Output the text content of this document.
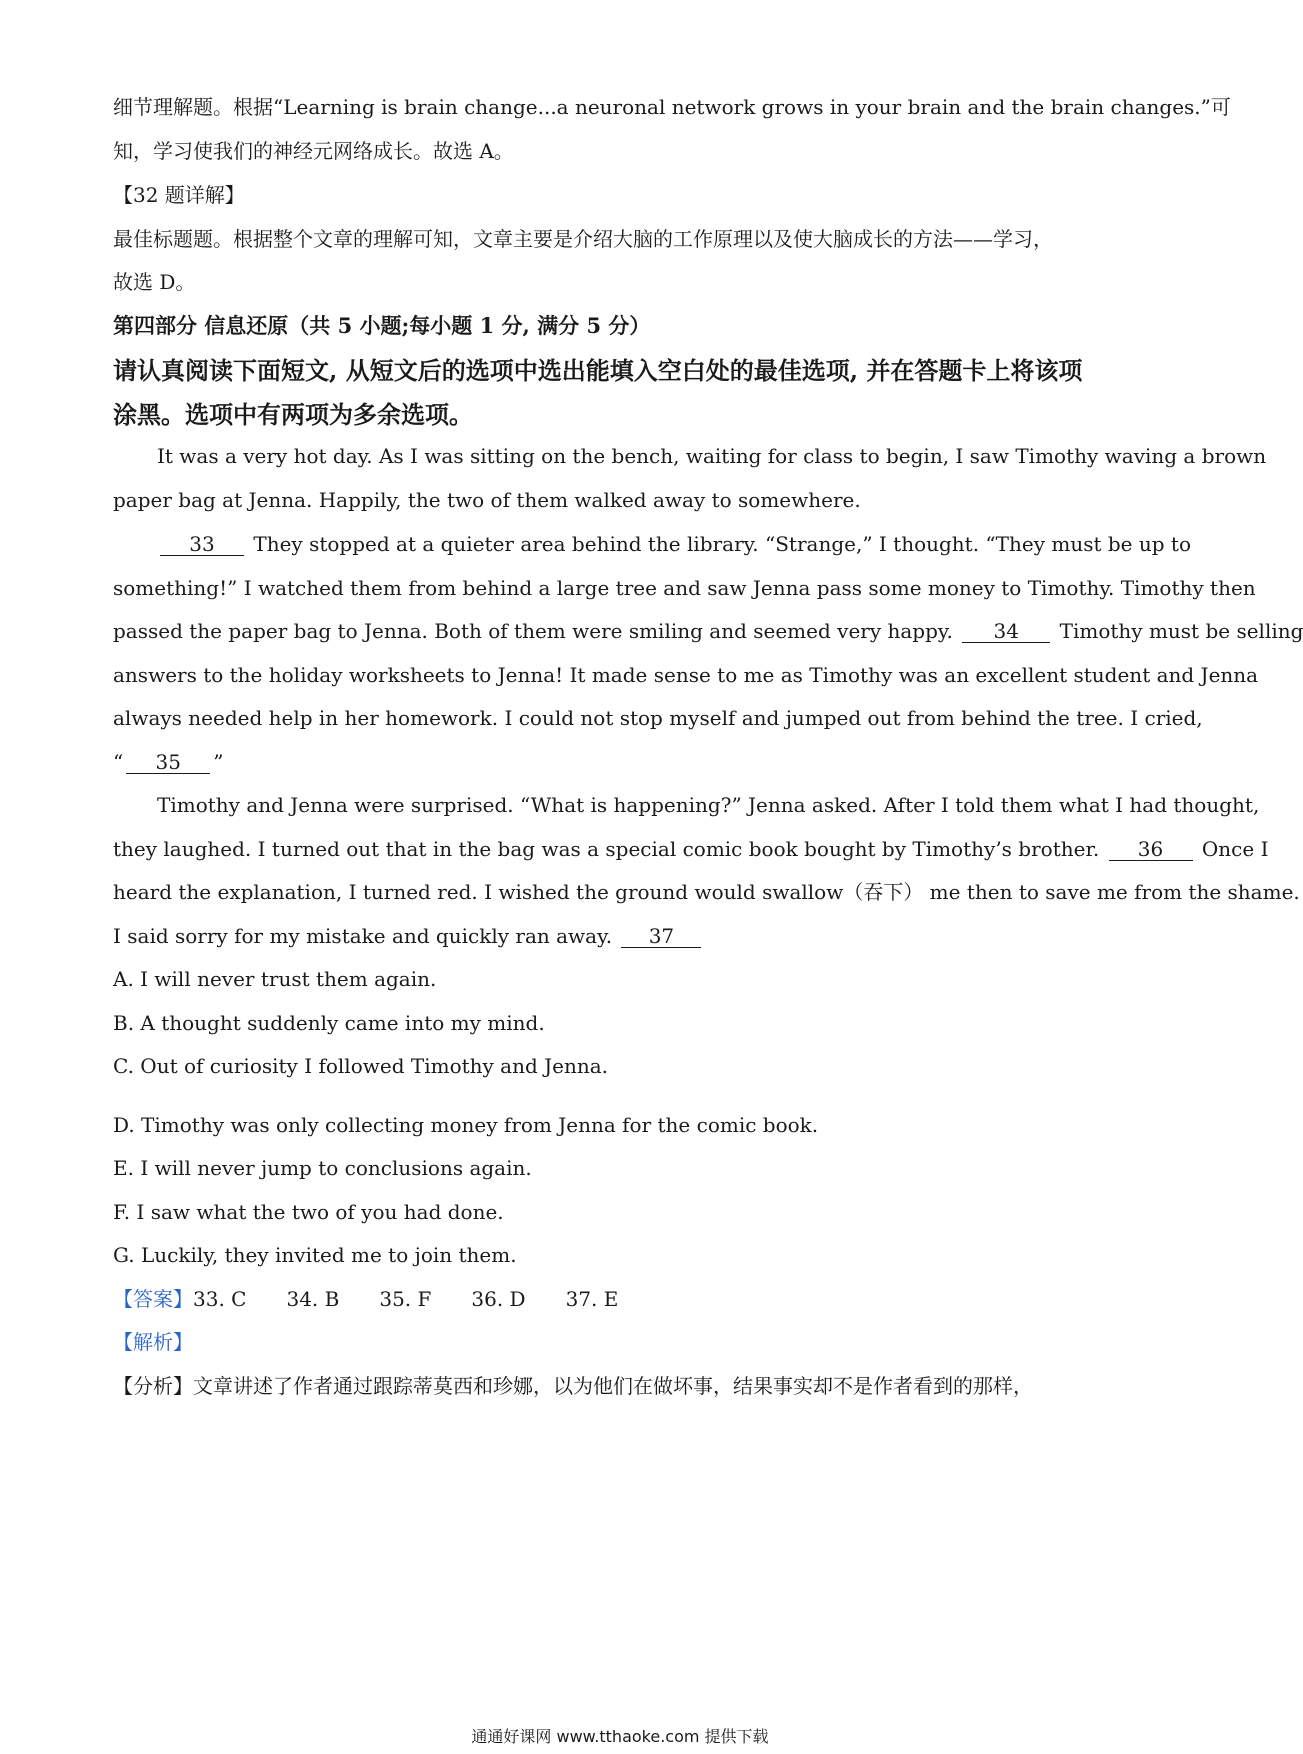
细节理解题。根据“Learning is brain change...a neuronal network grows in your brain and the brain changes.”可
知，学习使我们的神经元网络成长。故选 A。
【32 题详解】
最佳标题题。根据整个文章的理解可知，文章主要是介绍大脑的工作原理以及使大脑成长的方法——学习，
故选 D。
第四部分 信息还原（共 5 小题;每小题 1 分, 满分 5 分）
请认真阅读下面短文, 从短文后的选项中选出能填入空白处的最佳选项, 并在答题卡上将该项
涂黑。选项中有两项为多余选项。
It was a very hot day. As I was sitting on the bench, waiting for class to begin, I saw Timothy waving a brown
paper bag at Jenna. Happily, the two of them walked away to somewhere.
33 They stopped at a quieter area behind the library. “Strange,” I thought. “They must be up to
something!” I watched them from behind a large tree and saw Jenna pass some money to Timothy. Timothy then
passed the paper bag to Jenna. Both of them were smiling and seemed very happy. 34 Timothy must be selling
answers to the holiday worksheets to Jenna! It made sense to me as Timothy was an excellent student and Jenna
always needed help in her homework. I could not stop myself and jumped out from behind the tree. I cried,
“ 35 ”
Timothy and Jenna were surprised. “What is happening?” Jenna asked. After I told them what I had thought,
they laughed. I turned out that in the bag was a special comic book bought by Timothy’s brother. 36 Once I
heard the explanation, I turned red. I wished the ground would swallow（吞下） me then to save me from the shame.
I said sorry for my mistake and quickly ran away. 37
A. I will never trust them again.
B. A thought suddenly came into my mind.
C. Out of curiosity I followed Timothy and Jenna.
D. Timothy was only collecting money from Jenna for the comic book.
E. I will never jump to conclusions again.
F. I saw what the two of you had done.
G. Luckily, they invited me to join them.
【答案】33. C 34. B 35. F 36. D 37. E
【解析】
【分析】文章讲述了作者通过跟踪蒂莫西和珍娜，以为他们在做坏事，结果事实却不是作者看到的那样，
通通好课网 www.tthaoke.com 提供下载
